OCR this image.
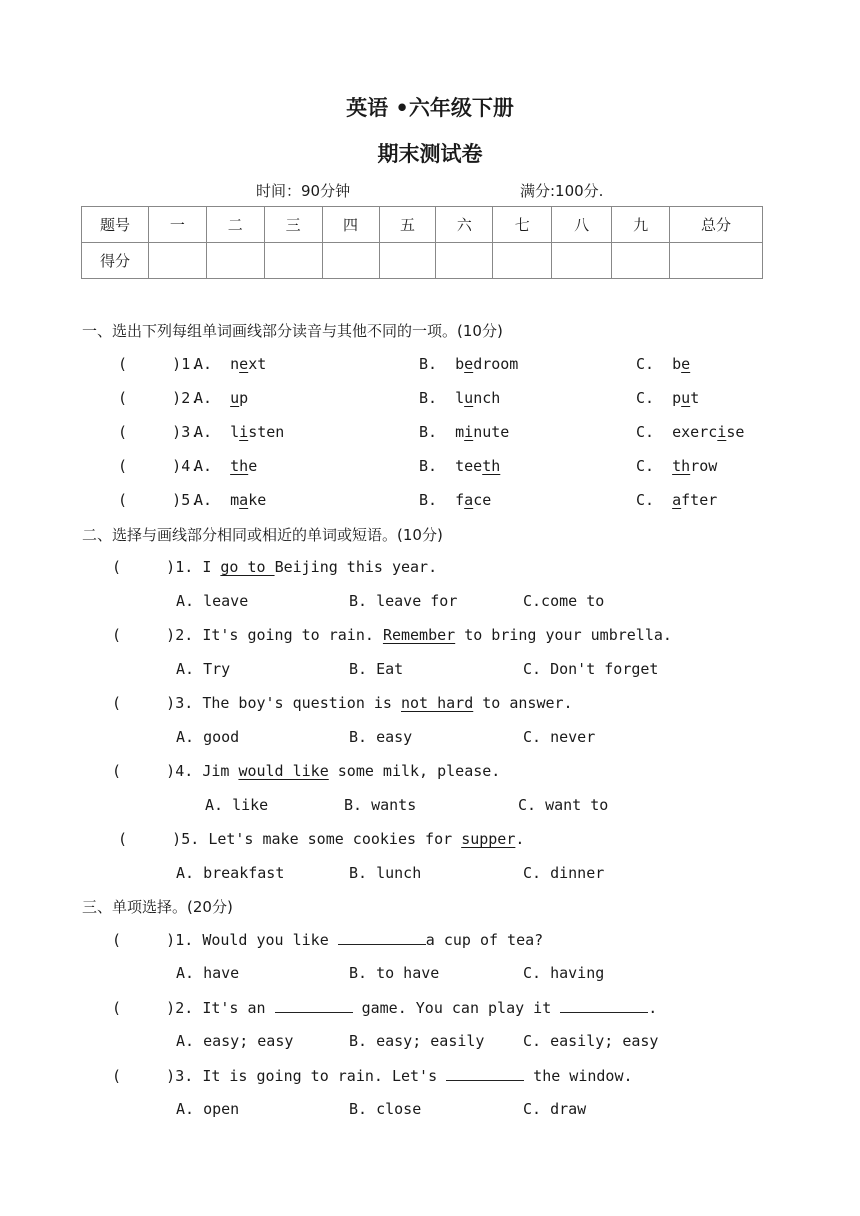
英语 •六年级下册
期末测试卷
时间：90分钟	满分:100分.
题号	一	二	三	四	五	六	七	八	九	总分
得分										
一、选出下列每组单词画线部分读音与其他不同的一项。(10分)
(     )1.
A. next	B. bedroom	C. be
(     )2.
A. up	B. lunch	C. put
(     )3.
A. listen	B. minute	C. exercise
(     )4.
A. the	B. teeth	C. throw
(     )5.
A. make	B. face	C. after
二、选择与画线部分相同或相近的单词或短语。(10分)
(     )1. I go to Beijing this year.
A. leave	B. leave for	C.come to
(     )2. It's going to rain. Remember to bring your umbrella.
A. Try	B. Eat	C. Don't forget
(     )3. The boy's question is not hard to answer.
A. good	B. easy	C. never
(     )4. Jim would like some milk, please.
A. like	B. wants	C. want to
(     )5. Let's make some cookies for supper.
A. breakfast	B. lunch	C. dinner
三、单项选择。(20分)
(     )1. Would you like	a cup of tea?
A. have	B. to have	C. having
(     )2. It's an	game. You can play it	.
A. easy; easy	B. easy; easily	C. easily; easy
(     )3. It is going to rain. Let's	the window.
A. open	B. close	C. draw
